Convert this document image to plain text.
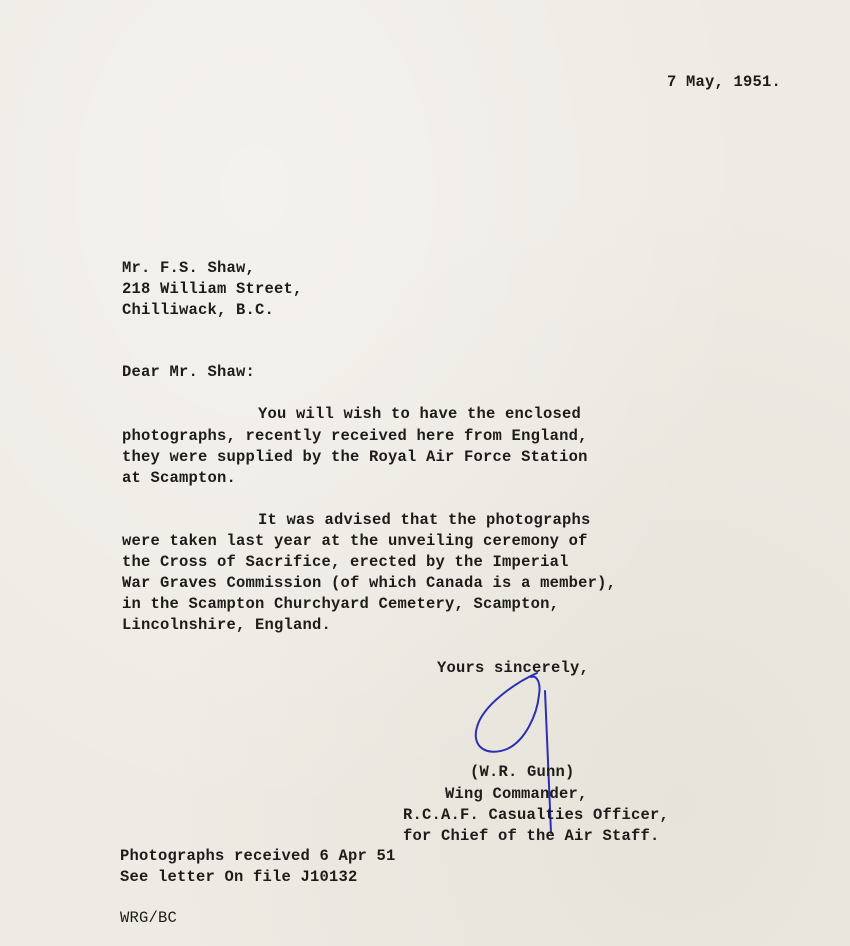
7 May, 1951.
Mr. F.S. Shaw,
218 William Street,
Chilliwack, B.C.
Dear Mr. Shaw:
You will wish to have the enclosed
photographs, recently received here from England,
they were supplied by the Royal Air Force Station
at Scampton.
It was advised that the photographs
were taken last year at the unveiling ceremony of
the Cross of Sacrifice, erected by the Imperial
War Graves Commission (of which Canada is a member),
in the Scampton Churchyard Cemetery, Scampton,
Lincolnshire, England.
Yours sincerely,
(W.R. Gunn)
Wing Commander,
R.C.A.F. Casualties Officer,
for Chief of the Air Staff.
Photographs received 6 Apr 51
See letter On file J10132
WRG/BC
